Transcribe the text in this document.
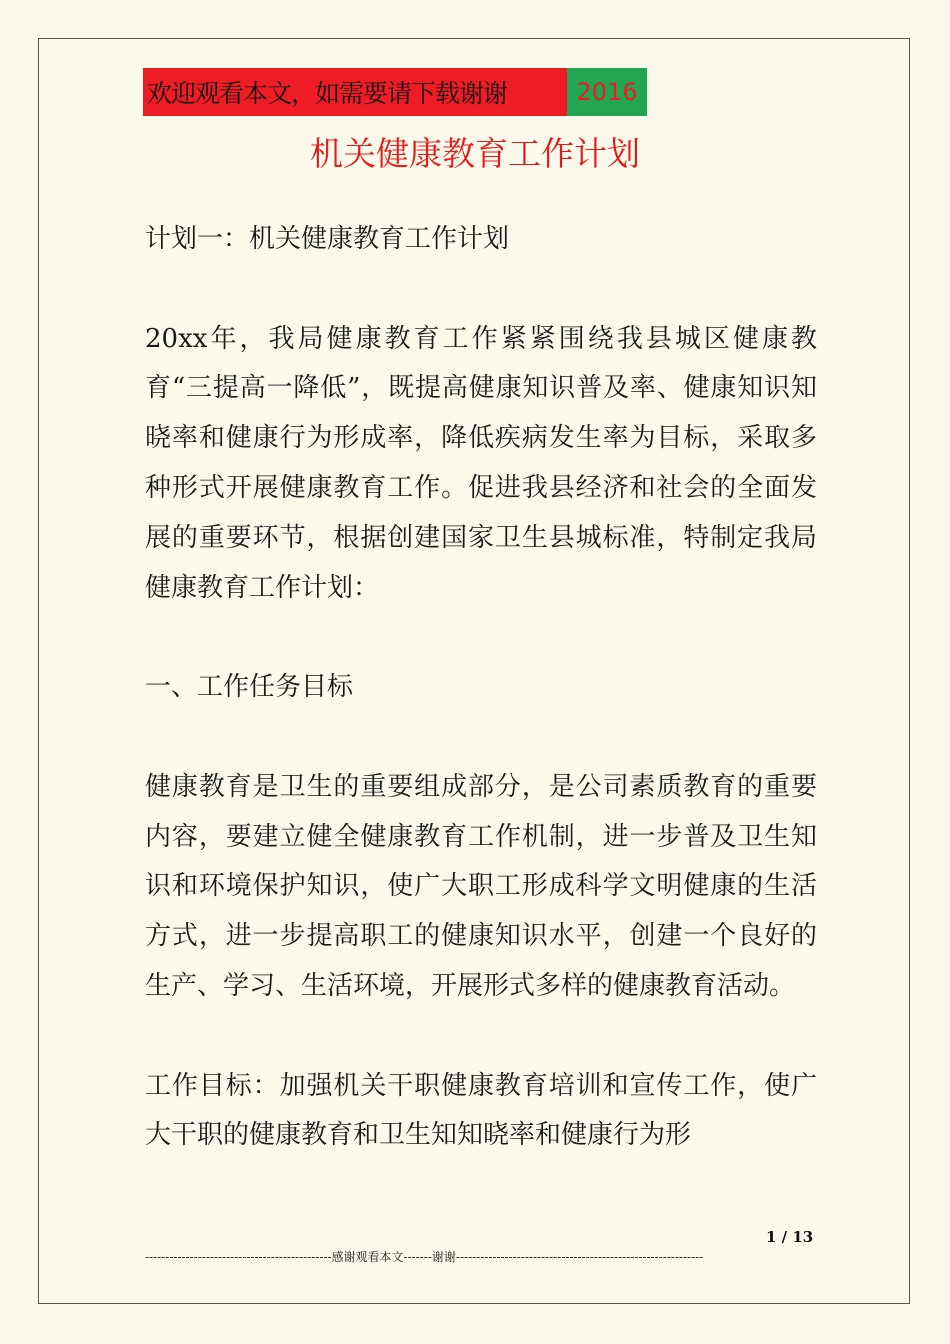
欢迎观看本文，如需要请下载谢谢	2016
机关健康教育工作计划

计划一：机关健康教育工作计划

20xx年，我局健康教育工作紧紧围绕我县城区健康教育“三提高一降低”，既提高健康知识普及率、健康知识知晓率和健康行为形成率，降低疾病发生率为目标，采取多种形式开展健康教育工作。促进我县经济和社会的全面发展的重要环节，根据创建国家卫生县城标准，特制定我局健康教育工作计划：

一、工作任务目标

健康教育是卫生的重要组成部分，是公司素质教育的重要内容，要建立健全健康教育工作机制，进一步普及卫生知识和环境保护知识，使广大职工形成科学文明健康的生活方式，进一步提高职工的健康知识水平，创建一个良好的生产、学习、生活环境，开展形式多样的健康教育活动。

工作目标：加强机关干职健康教育培训和宣传工作，使广大干职的健康教育和卫生知知晓率和健康行为形

1 / 13
----------------------------------------------感谢观看本文-------谢谢-------------------------------------------------------------
